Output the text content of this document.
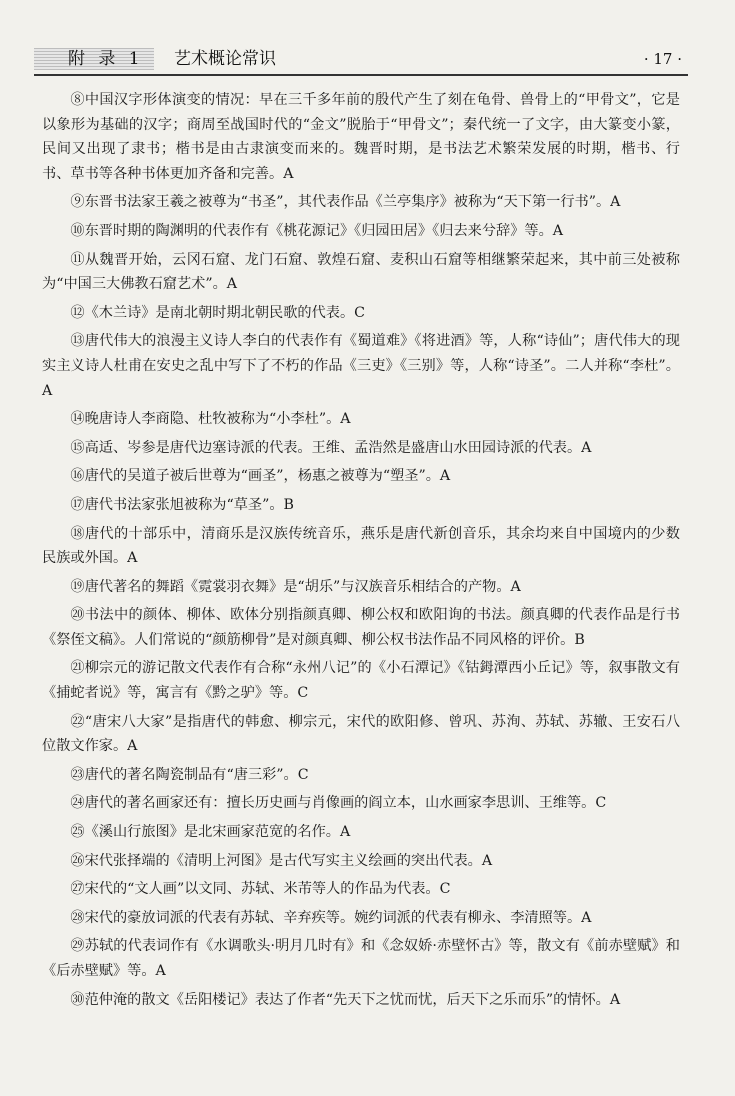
附 录 1 艺术概论常识	· 17 ·

⑧中国汉字形体演变的情况：早在三千多年前的殷代产生了刻在龟骨、兽骨上的“甲骨文”，它是以象形为基础的汉字；商周至战国时代的“金文”脱胎于“甲骨文”；秦代统一了文字，由大篆变小篆，民间又出现了隶书；楷书是由古隶演变而来的。魏晋时期，是书法艺术繁荣发展的时期，楷书、行书、草书等各种书体更加齐备和完善。A

⑨东晋书法家王羲之被尊为“书圣”，其代表作品《兰亭集序》被称为“天下第一行书”。A

⑩东晋时期的陶渊明的代表作有《桃花源记》《归园田居》《归去来兮辞》等。A

⑪从魏晋开始，云冈石窟、龙门石窟、敦煌石窟、麦积山石窟等相继繁荣起来，其中前三处被称为“中国三大佛教石窟艺术”。A

⑫《木兰诗》是南北朝时期北朝民歌的代表。C

⑬唐代伟大的浪漫主义诗人李白的代表作有《蜀道难》《将进酒》等，人称“诗仙”；唐代伟大的现实主义诗人杜甫在安史之乱中写下了不朽的作品《三吏》《三别》等，人称“诗圣”。二人并称“李杜”。A

⑭晚唐诗人李商隐、杜牧被称为“小李杜”。A

⑮高适、岑参是唐代边塞诗派的代表。王维、孟浩然是盛唐山水田园诗派的代表。A

⑯唐代的吴道子被后世尊为“画圣”，杨惠之被尊为“塑圣”。A

⑰唐代书法家张旭被称为“草圣”。B

⑱唐代的十部乐中，清商乐是汉族传统音乐，燕乐是唐代新创音乐，其余均来自中国境内的少数民族或外国。A

⑲唐代著名的舞蹈《霓裳羽衣舞》是“胡乐”与汉族音乐相结合的产物。A

⑳书法中的颜体、柳体、欧体分别指颜真卿、柳公权和欧阳询的书法。颜真卿的代表作品是行书《祭侄文稿》。人们常说的“颜筋柳骨”是对颜真卿、柳公权书法作品不同风格的评价。B

㉑柳宗元的游记散文代表作有合称“永州八记”的《小石潭记》《钴鉧潭西小丘记》等，叙事散文有《捕蛇者说》等，寓言有《黔之驴》等。C

㉒“唐宋八大家”是指唐代的韩愈、柳宗元，宋代的欧阳修、曾巩、苏洵、苏轼、苏辙、王安石八位散文作家。A

㉓唐代的著名陶瓷制品有“唐三彩”。C

㉔唐代的著名画家还有：擅长历史画与肖像画的阎立本，山水画家李思训、王维等。C

㉕《溪山行旅图》是北宋画家范宽的名作。A

㉖宋代张择端的《清明上河图》是古代写实主义绘画的突出代表。A

㉗宋代的“文人画”以文同、苏轼、米芾等人的作品为代表。C

㉘宋代的豪放词派的代表有苏轼、辛弃疾等。婉约词派的代表有柳永、李清照等。A

㉙苏轼的代表词作有《水调歌头·明月几时有》和《念奴娇·赤壁怀古》等，散文有《前赤壁赋》和《后赤壁赋》等。A

㉚范仲淹的散文《岳阳楼记》表达了作者“先天下之忧而忧，后天下之乐而乐”的情怀。A
